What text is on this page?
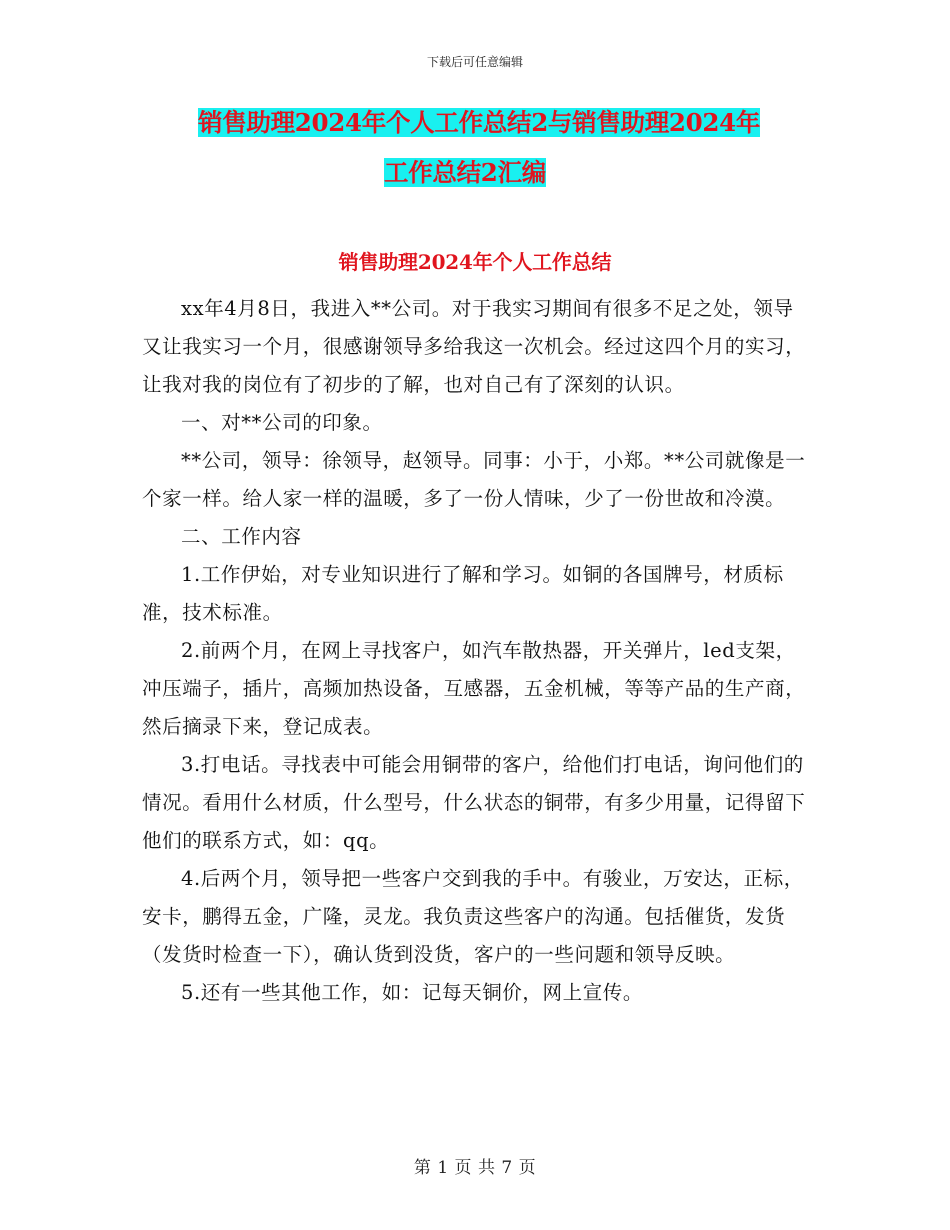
下载后可任意编辑
销售助理2024年个人工作总结2与销售助理2024年
工作总结2汇编
销售助理2024年个人工作总结

xx年4月8日，我进入**公司。对于我实习期间有很多不足之处，领导又让我实习一个月，很感谢领导多给我这一次机会。经过这四个月的实习，让我对我的岗位有了初步的了解，也对自己有了深刻的认识。

一、对**公司的印象。

**公司，领导：徐领导，赵领导。同事：小于，小郑。**公司就像是一个家一样。给人家一样的温暖，多了一份人情味，少了一份世故和冷漠。

二、工作内容

1.工作伊始，对专业知识进行了解和学习。如铜的各国牌号，材质标准，技术标准。

2.前两个月，在网上寻找客户，如汽车散热器，开关弹片，led支架，冲压端子，插片，高频加热设备，互感器，五金机械，等等产品的生产商，然后摘录下来，登记成表。

3.打电话。寻找表中可能会用铜带的客户，给他们打电话，询问他们的情况。看用什么材质，什么型号，什么状态的铜带，有多少用量，记得留下他们的联系方式，如：qq。

4.后两个月，领导把一些客户交到我的手中。有骏业，万安达，正标，安卡，鹏得五金，广隆，灵龙。我负责这些客户的沟通。包括催货，发货（发货时检查一下），确认货到没货，客户的一些问题和领导反映。

5.还有一些其他工作，如：记每天铜价，网上宣传。

第 1 页 共 7 页
